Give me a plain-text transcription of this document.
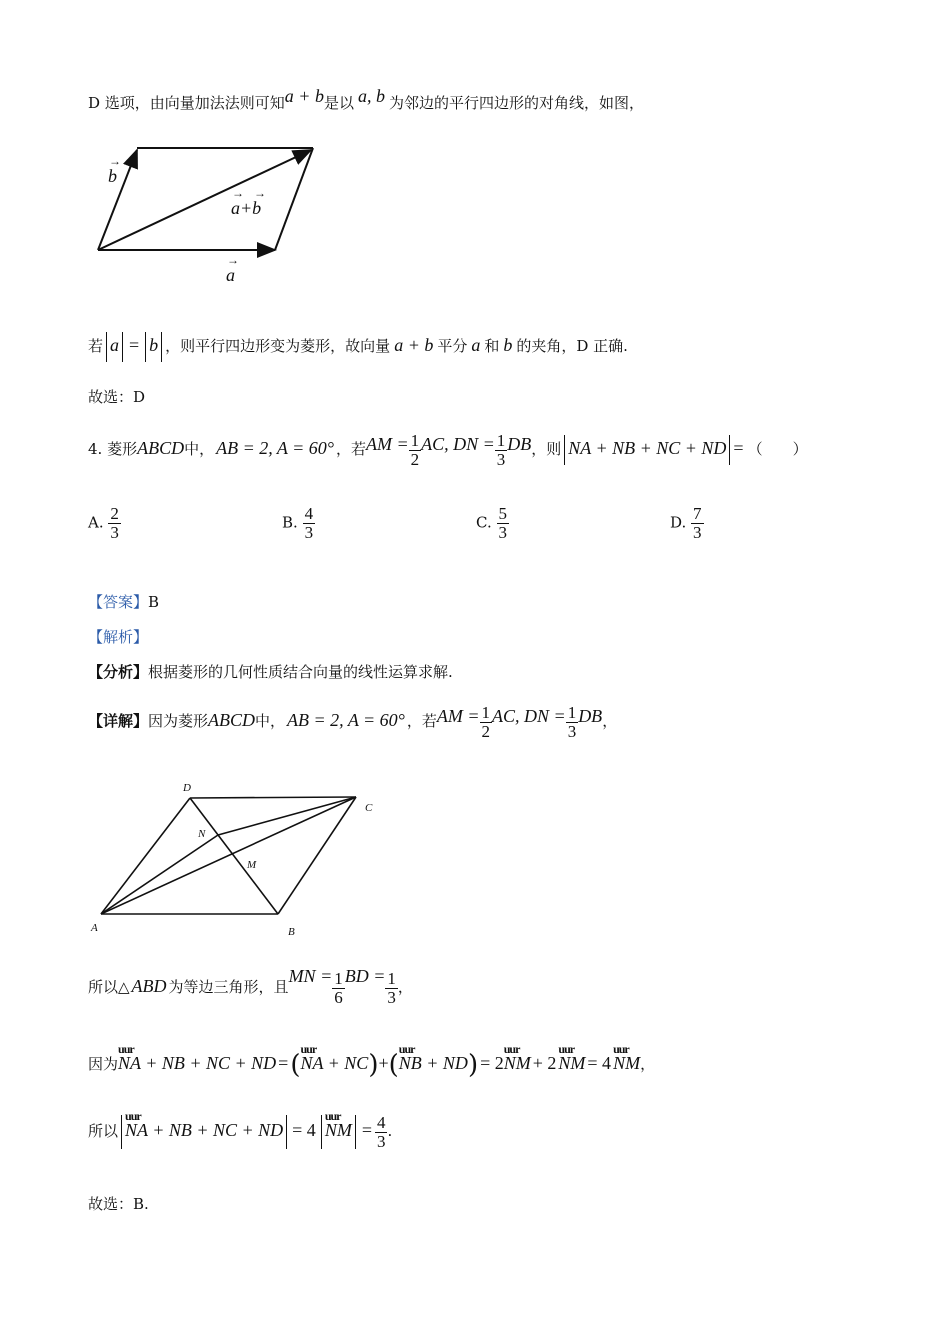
D 选项，由向量加法法则可知a + b是以 a, b 为邻边的平行四边形的对角线，如图，
→
b
→→
a+b
→
a
若 a = b ，则平行四边形变为菱形，故向量 a + b 平分 a 和 b 的夹角，D 正确.
故选：D
4. 菱形ABCD中， AB = 2, A = 60° ，若AM = $\frac{1}{2}$ AC, DN = $\frac{1}{3}$ DB，则 NA + NB + NC + ND = （　　）
A. $\frac{2}{3}$	B. $\frac{4}{3}$	C. $\frac{5}{3}$	D. $\frac{7}{3}$
【答案】B
【解析】
【分析】根据菱形的几何性质结合向量的线性运算求解.
【详解】因为菱形ABCD中， AB = 2, A = 60° ，若AM = $\frac{1}{2}$ AC, DN = $\frac{1}{3}$ DB，
D
C
N
M
A	B
所以△ ABD 为等边三角形，且MN = $\frac{1}{6}$ BD = $\frac{1}{3}$ ，
因为uur NA + NB + NC + ND =(uur NA + NC)+(uur NB + ND) = 2uur NM + 2 uur NM = 4 uur NM，
所以 uur NA + NB + NC + ND = 4 uur NM = $\frac{4}{3}$ .
故选：B.
